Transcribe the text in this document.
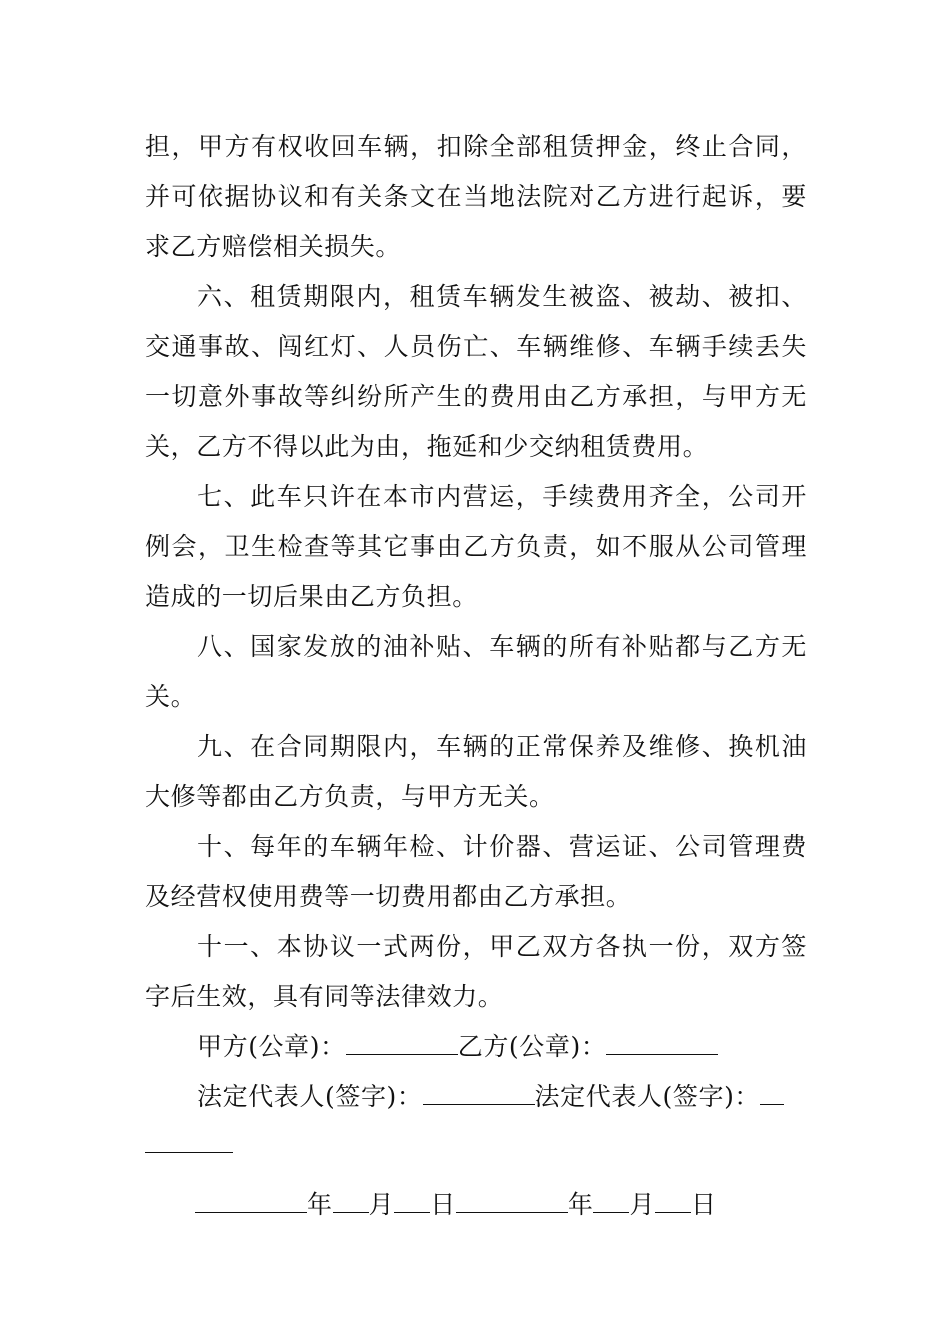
担，甲方有权收回车辆，扣除全部租赁押金，终止合同，并可依据协议和有关条文在当地法院对乙方进行起诉，要求乙方赔偿相关损失。

六、租赁期限内，租赁车辆发生被盗、被劫、被扣、交通事故、闯红灯、人员伤亡、车辆维修、车辆手续丢失一切意外事故等纠纷所产生的费用由乙方承担，与甲方无关，乙方不得以此为由，拖延和少交纳租赁费用。

七、此车只许在本市内营运，手续费用齐全，公司开例会，卫生检查等其它事由乙方负责，如不服从公司管理造成的一切后果由乙方负担。

八、国家发放的油补贴、车辆的所有补贴都与乙方无关。

九、在合同期限内，车辆的正常保养及维修、换机油大修等都由乙方负责，与甲方无关。

十、每年的车辆年检、计价器、营运证、公司管理费及经营权使用费等一切费用都由乙方承担。

十一、本协议一式两份，甲乙双方各执一份，双方签字后生效，具有同等法律效力。

甲方(公章)：	乙方(公章)：

法定代表人(签字)：	法定代表人(签字)：

年 月 日	年 月 日
